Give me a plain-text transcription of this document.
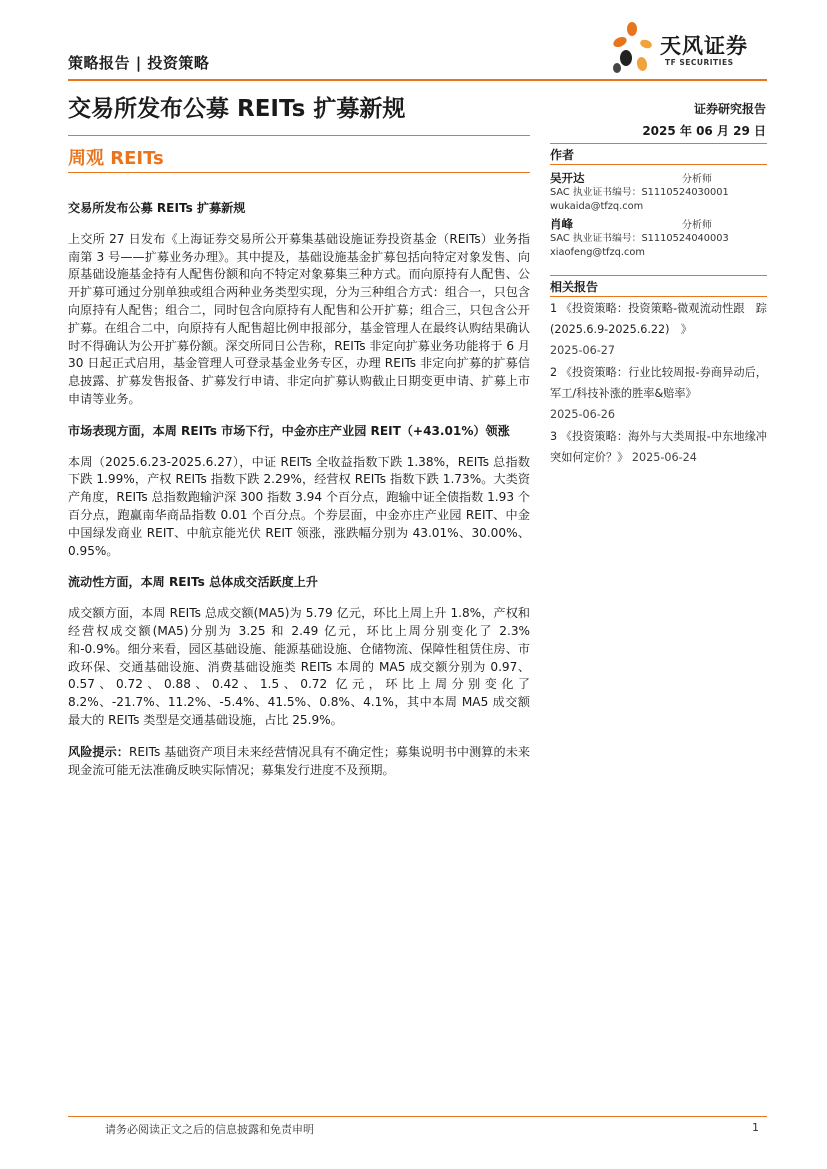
策略报告 | 投资策略
天风证券
TF SECURITIES
交易所发布公募 REITs 扩募新规	证券研究报告
2025 年 06 月 29 日
周观 REITs

交易所发布公募 REITs 扩募新规

上交所 27 日发布《上海证券交易所公开募集基础设施证券投资基金（REITs）业务指南第 3 号——扩募业务办理》。其中提及，基础设施基金扩募包括向特定对象发售、向原基础设施基金持有人配售份额和向不特定对象募集三种方式。而向原持有人配售、公开扩募可通过分别单独或组合两种业务类型实现，分为三种组合方式：组合一，只包含向原持有人配售；组合二，同时包含向原持有人配售和公开扩募；组合三，只包含公开扩募。在组合二中，向原持有人配售超比例申报部分，基金管理人在最终认购结果确认时不得确认为公开扩募份额。深交所同日公告称，REITs 非定向扩募业务功能将于 6 月 30 日起正式启用，基金管理人可登录基金业务专区，办理 REITs 非定向扩募的扩募信息披露、扩募发售报备、扩募发行申请、非定向扩募认购截止日期变更申请、扩募上市申请等业务。

市场表现方面，本周 REITs 市场下行，中金亦庄产业园 REIT（+43.01%）领涨

本周（2025.6.23-2025.6.27），中证 REITs 全收益指数下跌 1.38%，REITs 总指数下跌 1.99%，产权 REITs 指数下跌 2.29%，经营权 REITs 指数下跌 1.73%。大类资产角度，REITs 总指数跑输沪深 300 指数 3.94 个百分点，跑输中证全债指数 1.93 个百分点，跑赢南华商品指数 0.01 个百分点。个券层面，中金亦庄产业园 REIT、中金中国绿发商业 REIT、中航京能光伏 REIT 领涨，涨跌幅分别为 43.01%、30.00%、0.95%。

流动性方面，本周 REITs 总体成交活跃度上升

成交额方面，本周 REITs 总成交额(MA5)为 5.79 亿元，环比上周上升 1.8%，产权和经营权成交额(MA5)分别为 3.25 和 2.49 亿元，环比上周分别变化了 2.3%和-0.9%。细分来看，园区基础设施、能源基础设施、仓储物流、保障性租赁住房、市政环保、交通基础设施、消费基础设施类 REITs 本周的 MA5 成交额分别为 0.97、0.57、0.72、0.88、0.42、1.5、0.72 亿元，环比上周分别变化了 8.2%、-21.7%、11.2%、-5.4%、41.5%、0.8%、4.1%，其中本周 MA5 成交额最大的 REITs 类型是交通基础设施，占比 25.9%。

风险提示：REITs 基础资产项目未来经营情况具有不确定性；募集说明书中测算的未来现金流可能无法准确反映实际情况；募集发行进度不及预期。

作者
吴开达	分析师
SAC 执业证书编号：S1110524030001
wukaida@tfzq.com
肖峰	分析师
SAC 执业证书编号：S1110524040003
xiaofeng@tfzq.com
相关报告
1 《投资策略：投资策略-微观流动性跟　踪　(2025.6.9-2025.6.22)　》
2025-06-27
2 《投资策略：行业比较周报-券商异动后，军工/科技补涨的胜率&赔率》
2025-06-26
3 《投资策略：海外与大类周报-中东地缘冲突如何定价？》 2025-06-24
请务必阅读正文之后的信息披露和免责申明	1
